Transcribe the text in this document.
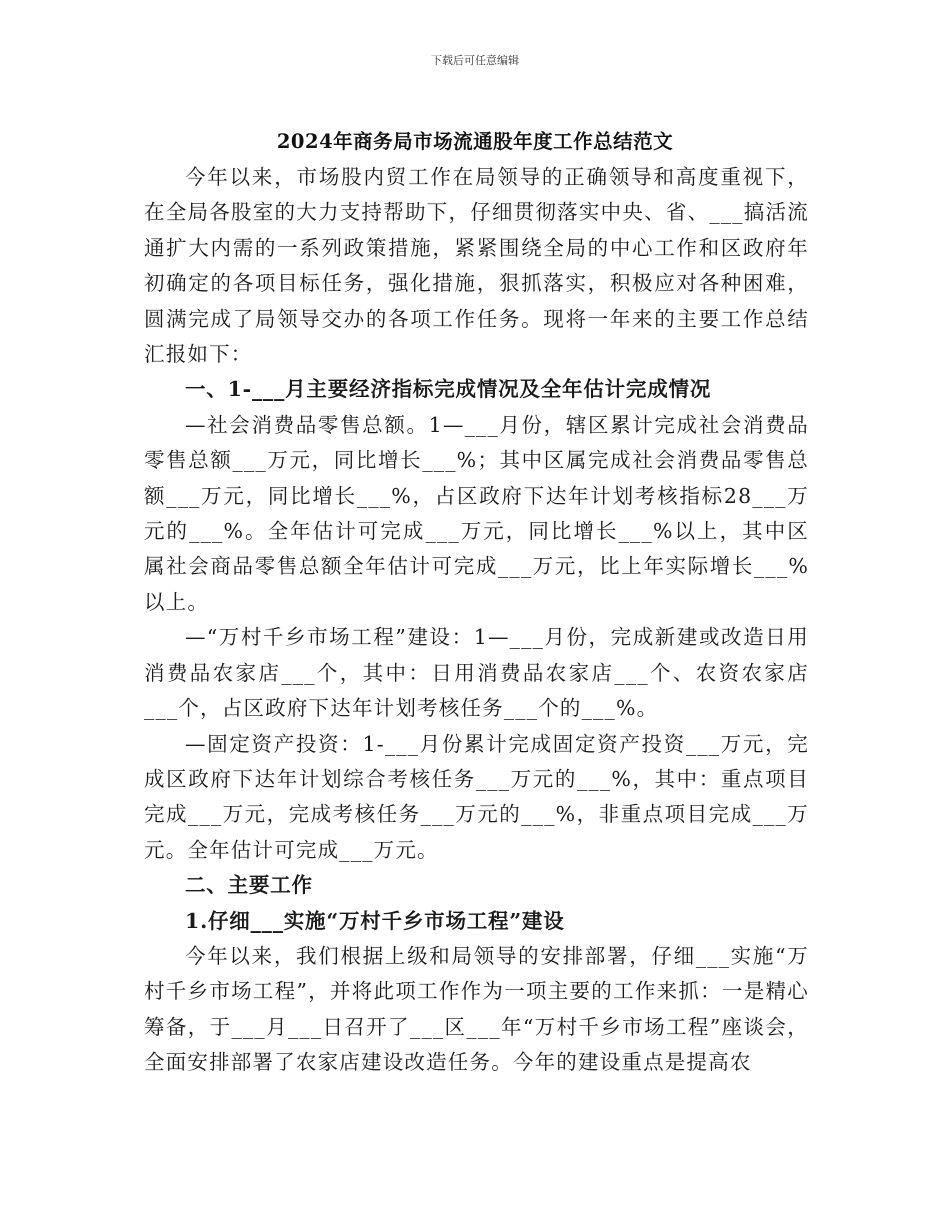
下载后可任意编辑
2024年商务局市场流通股年度工作总结范文

今年以来，市场股内贸工作在局领导的正确领导和高度重视下，在全局各股室的大力支持帮助下，仔细贯彻落实中央、省、___搞活流通扩大内需的一系列政策措施，紧紧围绕全局的中心工作和区政府年初确定的各项目标任务，强化措施，狠抓落实，积极应对各种困难，圆满完成了局领导交办的各项工作任务。现将一年来的主要工作总结汇报如下：

一、1-___月主要经济指标完成情况及全年估计完成情况

—社会消费品零售总额。1—___月份，辖区累计完成社会消费品零售总额___万元，同比增长___%；其中区属完成社会消费品零售总额___万元，同比增长___%，占区政府下达年计划考核指标28___万元的___%。全年估计可完成___万元，同比增长___%以上，其中区属社会商品零售总额全年估计可完成___万元，比上年实际增长___%以上。

—“万村千乡市场工程”建设：1—___月份，完成新建或改造日用消费品农家店___个，其中：日用消费品农家店___个、农资农家店___个，占区政府下达年计划考核任务___个的___%。

—固定资产投资：1-___月份累计完成固定资产投资___万元，完成区政府下达年计划综合考核任务___万元的___%，其中：重点项目完成___万元，完成考核任务___万元的___%，非重点项目完成___万元。全年估计可完成___万元。

二、主要工作

1.仔细___实施“万村千乡市场工程”建设

今年以来，我们根据上级和局领导的安排部署，仔细___实施“万村千乡市场工程”，并将此项工作作为一项主要的工作来抓：一是精心筹备，于___月___日召开了___区___年“万村千乡市场工程”座谈会，全面安排部署了农家店建设改造任务。今年的建设重点是提高农
